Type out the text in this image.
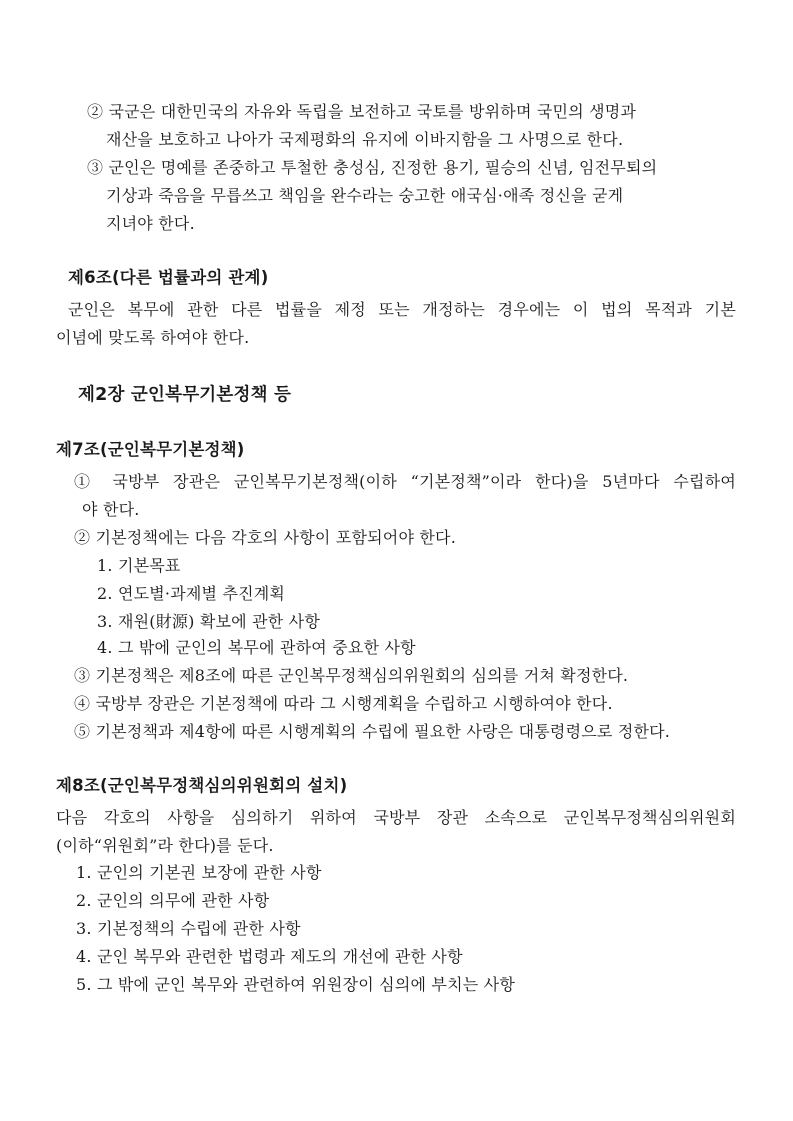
② 국군은 대한민국의 자유와 독립을 보전하고 국토를 방위하며 국민의 생명과
재산을 보호하고 나아가 국제평화의 유지에 이바지함을 그 사명으로 한다.
③ 군인은 명예를 존중하고 투철한 충성심, 진정한 용기, 필승의 신념, 임전무퇴의
기상과 죽음을 무릅쓰고 책임을 완수라는 숭고한 애국심·애족 정신을 굳게
지녀야 한다.
제6조(다른 법률과의 관계)
군인은 복무에 관한 다른 법률을 제정 또는 개정하는 경우에는 이 법의 목적과 기본
이념에 맞도록 하여야 한다.
제2장 군인복무기본정책 등
제7조(군인복무기본정책)
① 국방부 장관은 군인복무기본정책(이하 “기본정책”이라 한다)을 5년마다 수립하여
야 한다.
② 기본정책에는 다음 각호의 사항이 포함되어야 한다.
1. 기본목표
2. 연도별·과제별 추진계획
3. 재원(財源) 확보에 관한 사항
4. 그 밖에 군인의 복무에 관하여 중요한 사항
③ 기본정책은 제8조에 따른 군인복무정책심의위원회의 심의를 거쳐 확정한다.
④ 국방부 장관은 기본정책에 따라 그 시행계획을 수립하고 시행하여야 한다.
⑤ 기본정책과 제4항에 따른 시행계획의 수립에 필요한 사랑은 대통령령으로 정한다.
제8조(군인복무정책심의위원회의 설치)
다음 각호의 사항을 심의하기 위하여 국방부 장관 소속으로 군인복무정책심의위원회
(이하“위원회”라 한다)를 둔다.
1. 군인의 기본권 보장에 관한 사항
2. 군인의 의무에 관한 사항
3. 기본정책의 수립에 관한 사항
4. 군인 복무와 관련한 법령과 제도의 개선에 관한 사항
5. 그 밖에 군인 복무와 관련하여 위원장이 심의에 부치는 사항
